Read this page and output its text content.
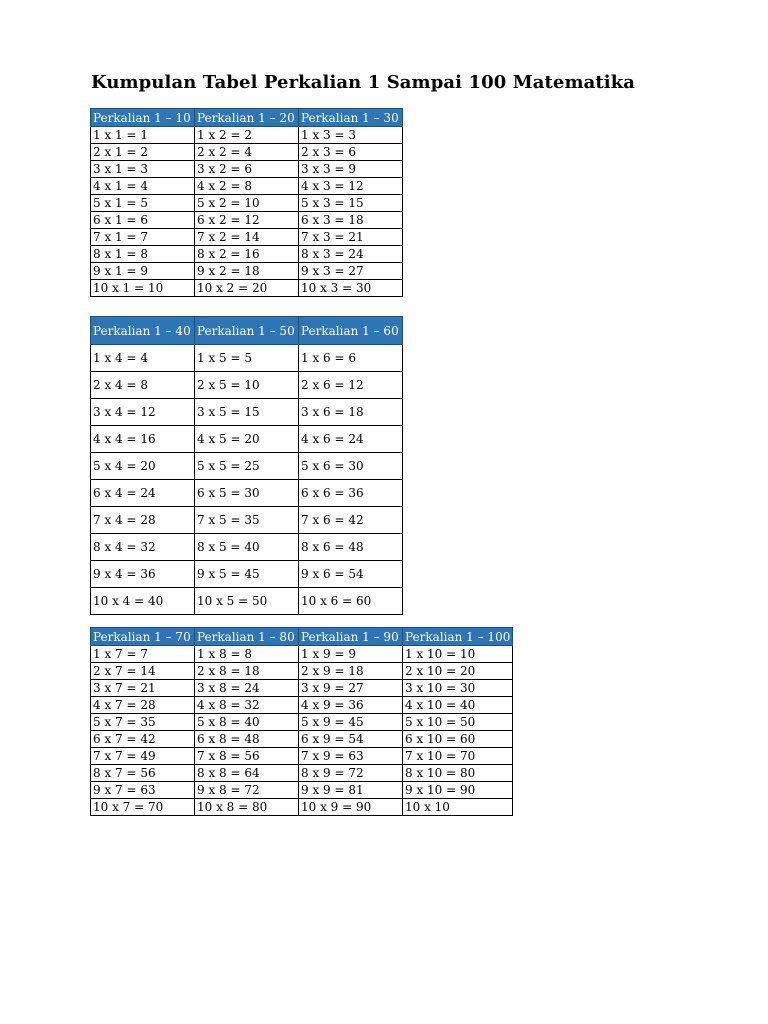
Kumpulan Tabel Perkalian 1 Sampai 100 Matematika
Perkalian 1 – 10	Perkalian 1 – 20	Perkalian 1 – 30
1 x 1 = 1	1 x 2 = 2	1 x 3 = 3
2 x 1 = 2	2 x 2 = 4	2 x 3 = 6
3 x 1 = 3	3 x 2 = 6	3 x 3 = 9
4 x 1 = 4	4 x 2 = 8	4 x 3 = 12
5 x 1 = 5	5 x 2 = 10	5 x 3 = 15
6 x 1 = 6	6 x 2 = 12	6 x 3 = 18
7 x 1 = 7	7 x 2 = 14	7 x 3 = 21
8 x 1 = 8	8 x 2 = 16	8 x 3 = 24
9 x 1 = 9	9 x 2 = 18	9 x 3 = 27
10 x 1 = 10	10 x 2 = 20	10 x 3 = 30
Perkalian 1 – 40	Perkalian 1 – 50	Perkalian 1 – 60
1 x 4 = 4	1 x 5 = 5	1 x 6 = 6
2 x 4 = 8	2 x 5 = 10	2 x 6 = 12
3 x 4 = 12	3 x 5 = 15	3 x 6 = 18
4 x 4 = 16	4 x 5 = 20	4 x 6 = 24
5 x 4 = 20	5 x 5 = 25	5 x 6 = 30
6 x 4 = 24	6 x 5 = 30	6 x 6 = 36
7 x 4 = 28	7 x 5 = 35	7 x 6 = 42
8 x 4 = 32	8 x 5 = 40	8 x 6 = 48
9 x 4 = 36	9 x 5 = 45	9 x 6 = 54
10 x 4 = 40	10 x 5 = 50	10 x 6 = 60
Perkalian 1 – 70	Perkalian 1 – 80	Perkalian 1 – 90	Perkalian 1 – 100
1 x 7 = 7	1 x 8 = 8	1 x 9 = 9	1 x 10 = 10
2 x 7 = 14	2 x 8 = 18	2 x 9 = 18	2 x 10 = 20
3 x 7 = 21	3 x 8 = 24	3 x 9 = 27	3 x 10 = 30
4 x 7 = 28	4 x 8 = 32	4 x 9 = 36	4 x 10 = 40
5 x 7 = 35	5 x 8 = 40	5 x 9 = 45	5 x 10 = 50
6 x 7 = 42	6 x 8 = 48	6 x 9 = 54	6 x 10 = 60
7 x 7 = 49	7 x 8 = 56	7 x 9 = 63	7 x 10 = 70
8 x 7 = 56	8 x 8 = 64	8 x 9 = 72	8 x 10 = 80
9 x 7 = 63	9 x 8 = 72	9 x 9 = 81	9 x 10 = 90
10 x 7 = 70	10 x 8 = 80	10 x 9 = 90	10 x 10
